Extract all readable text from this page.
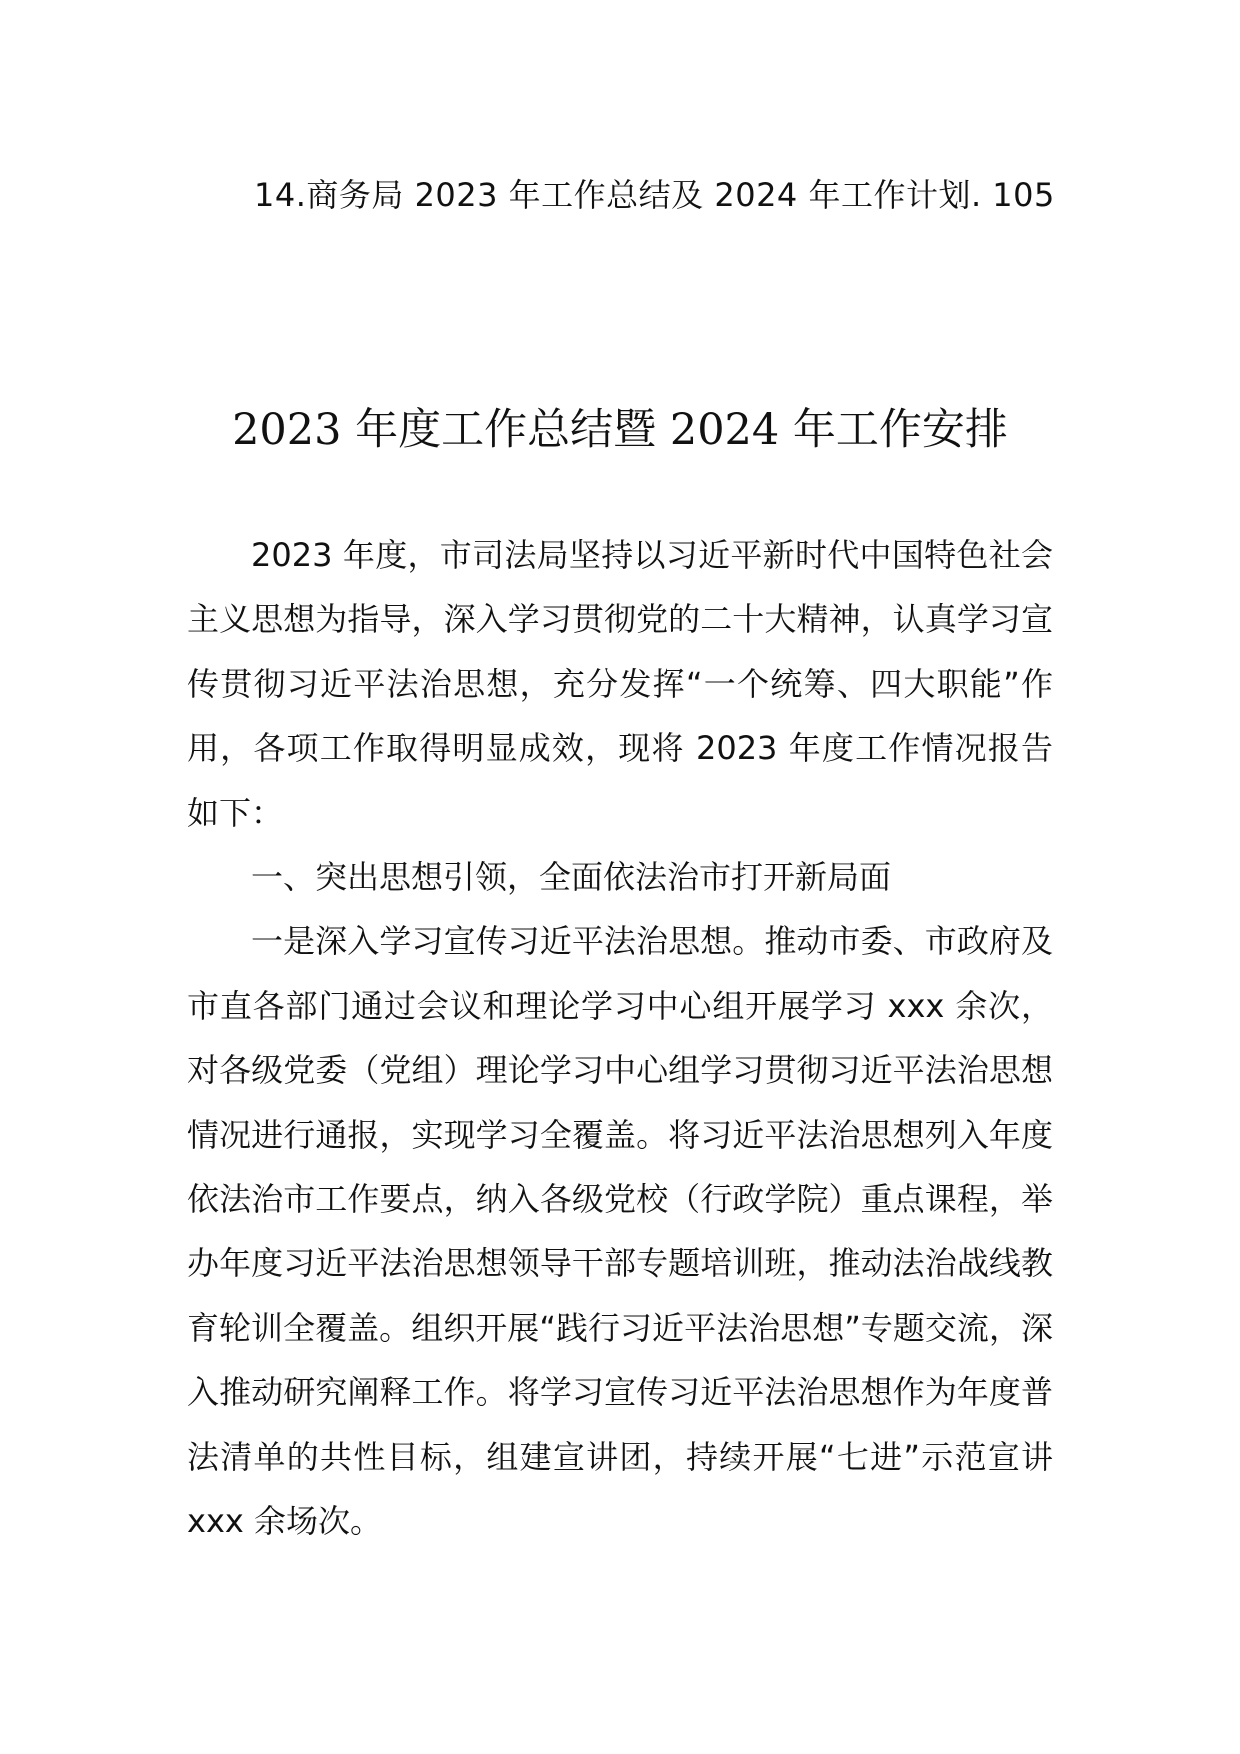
14.商务局 2023 年工作总结及 2024 年工作计划. 105
2023 年度工作总结暨 2024 年工作安排

2023 年度，市司法局坚持以习近平新时代中国特色社会主义思想为指导，深入学习贯彻党的二十大精神，认真学习宣传贯彻习近平法治思想，充分发挥“一个统筹、四大职能”作用，各项工作取得明显成效，现将 2023 年度工作情况报告如下：

一、突出思想引领，全面依法治市打开新局面

一是深入学习宣传习近平法治思想。推动市委、市政府及市直各部门通过会议和理论学习中心组开展学习 xxx 余次，对各级党委（党组）理论学习中心组学习贯彻习近平法治思想情况进行通报，实现学习全覆盖。将习近平法治思想列入年度依法治市工作要点，纳入各级党校（行政学院）重点课程，举办年度习近平法治思想领导干部专题培训班，推动法治战线教育轮训全覆盖。组织开展“践行习近平法治思想”专题交流，深入推动研究阐释工作。将学习宣传习近平法治思想作为年度普法清单的共性目标，组建宣讲团，持续开展“七进”示范宣讲 xxx 余场次。
